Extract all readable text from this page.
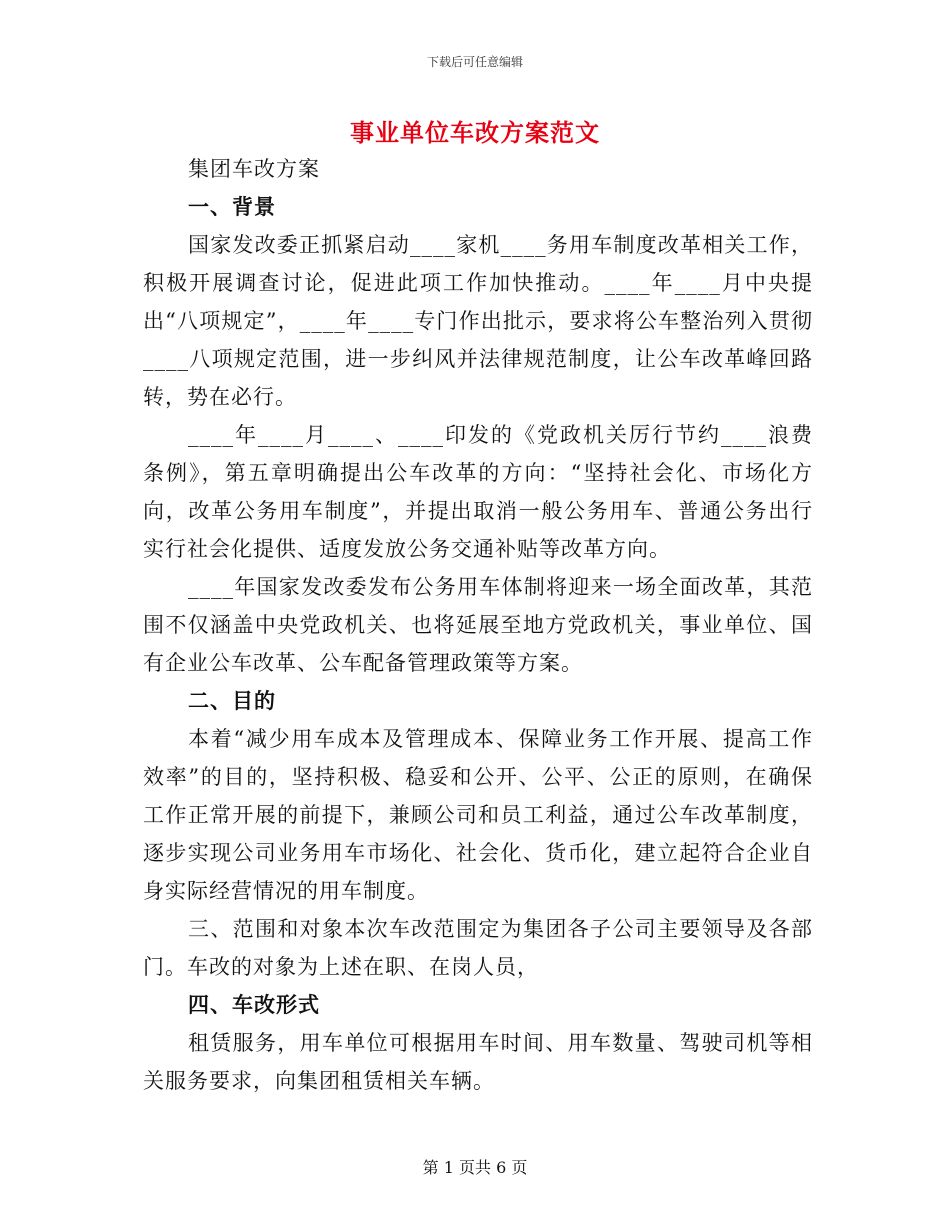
下载后可任意编辑
事业单位车改方案范文

集团车改方案

一、背景

国家发改委正抓紧启动____家机____务用车制度改革相关工作，积极开展调查讨论，促进此项工作加快推动。____年____月中央提出“八项规定”，____年____专门作出批示，要求将公车整治列入贯彻____八项规定范围，进一步纠风并法律规范制度，让公车改革峰回路转，势在必行。

____年____月____、____印发的《党政机关厉行节约____浪费条例》，第五章明确提出公车改革的方向：“坚持社会化、市场化方向，改革公务用车制度”，并提出取消一般公务用车、普通公务出行实行社会化提供、适度发放公务交通补贴等改革方向。

____年国家发改委发布公务用车体制将迎来一场全面改革，其范围不仅涵盖中央党政机关、也将延展至地方党政机关，事业单位、国有企业公车改革、公车配备管理政策等方案。

二、目的

本着“减少用车成本及管理成本、保障业务工作开展、提高工作效率”的目的，坚持积极、稳妥和公开、公平、公正的原则，在确保工作正常开展的前提下，兼顾公司和员工利益，通过公车改革制度，逐步实现公司业务用车市场化、社会化、货币化，建立起符合企业自身实际经营情况的用车制度。

三、范围和对象本次车改范围定为集团各子公司主要领导及各部门。车改的对象为上述在职、在岗人员，

四、车改形式

租赁服务，用车单位可根据用车时间、用车数量、驾驶司机等相关服务要求，向集团租赁相关车辆。

第 1 页共 6 页
